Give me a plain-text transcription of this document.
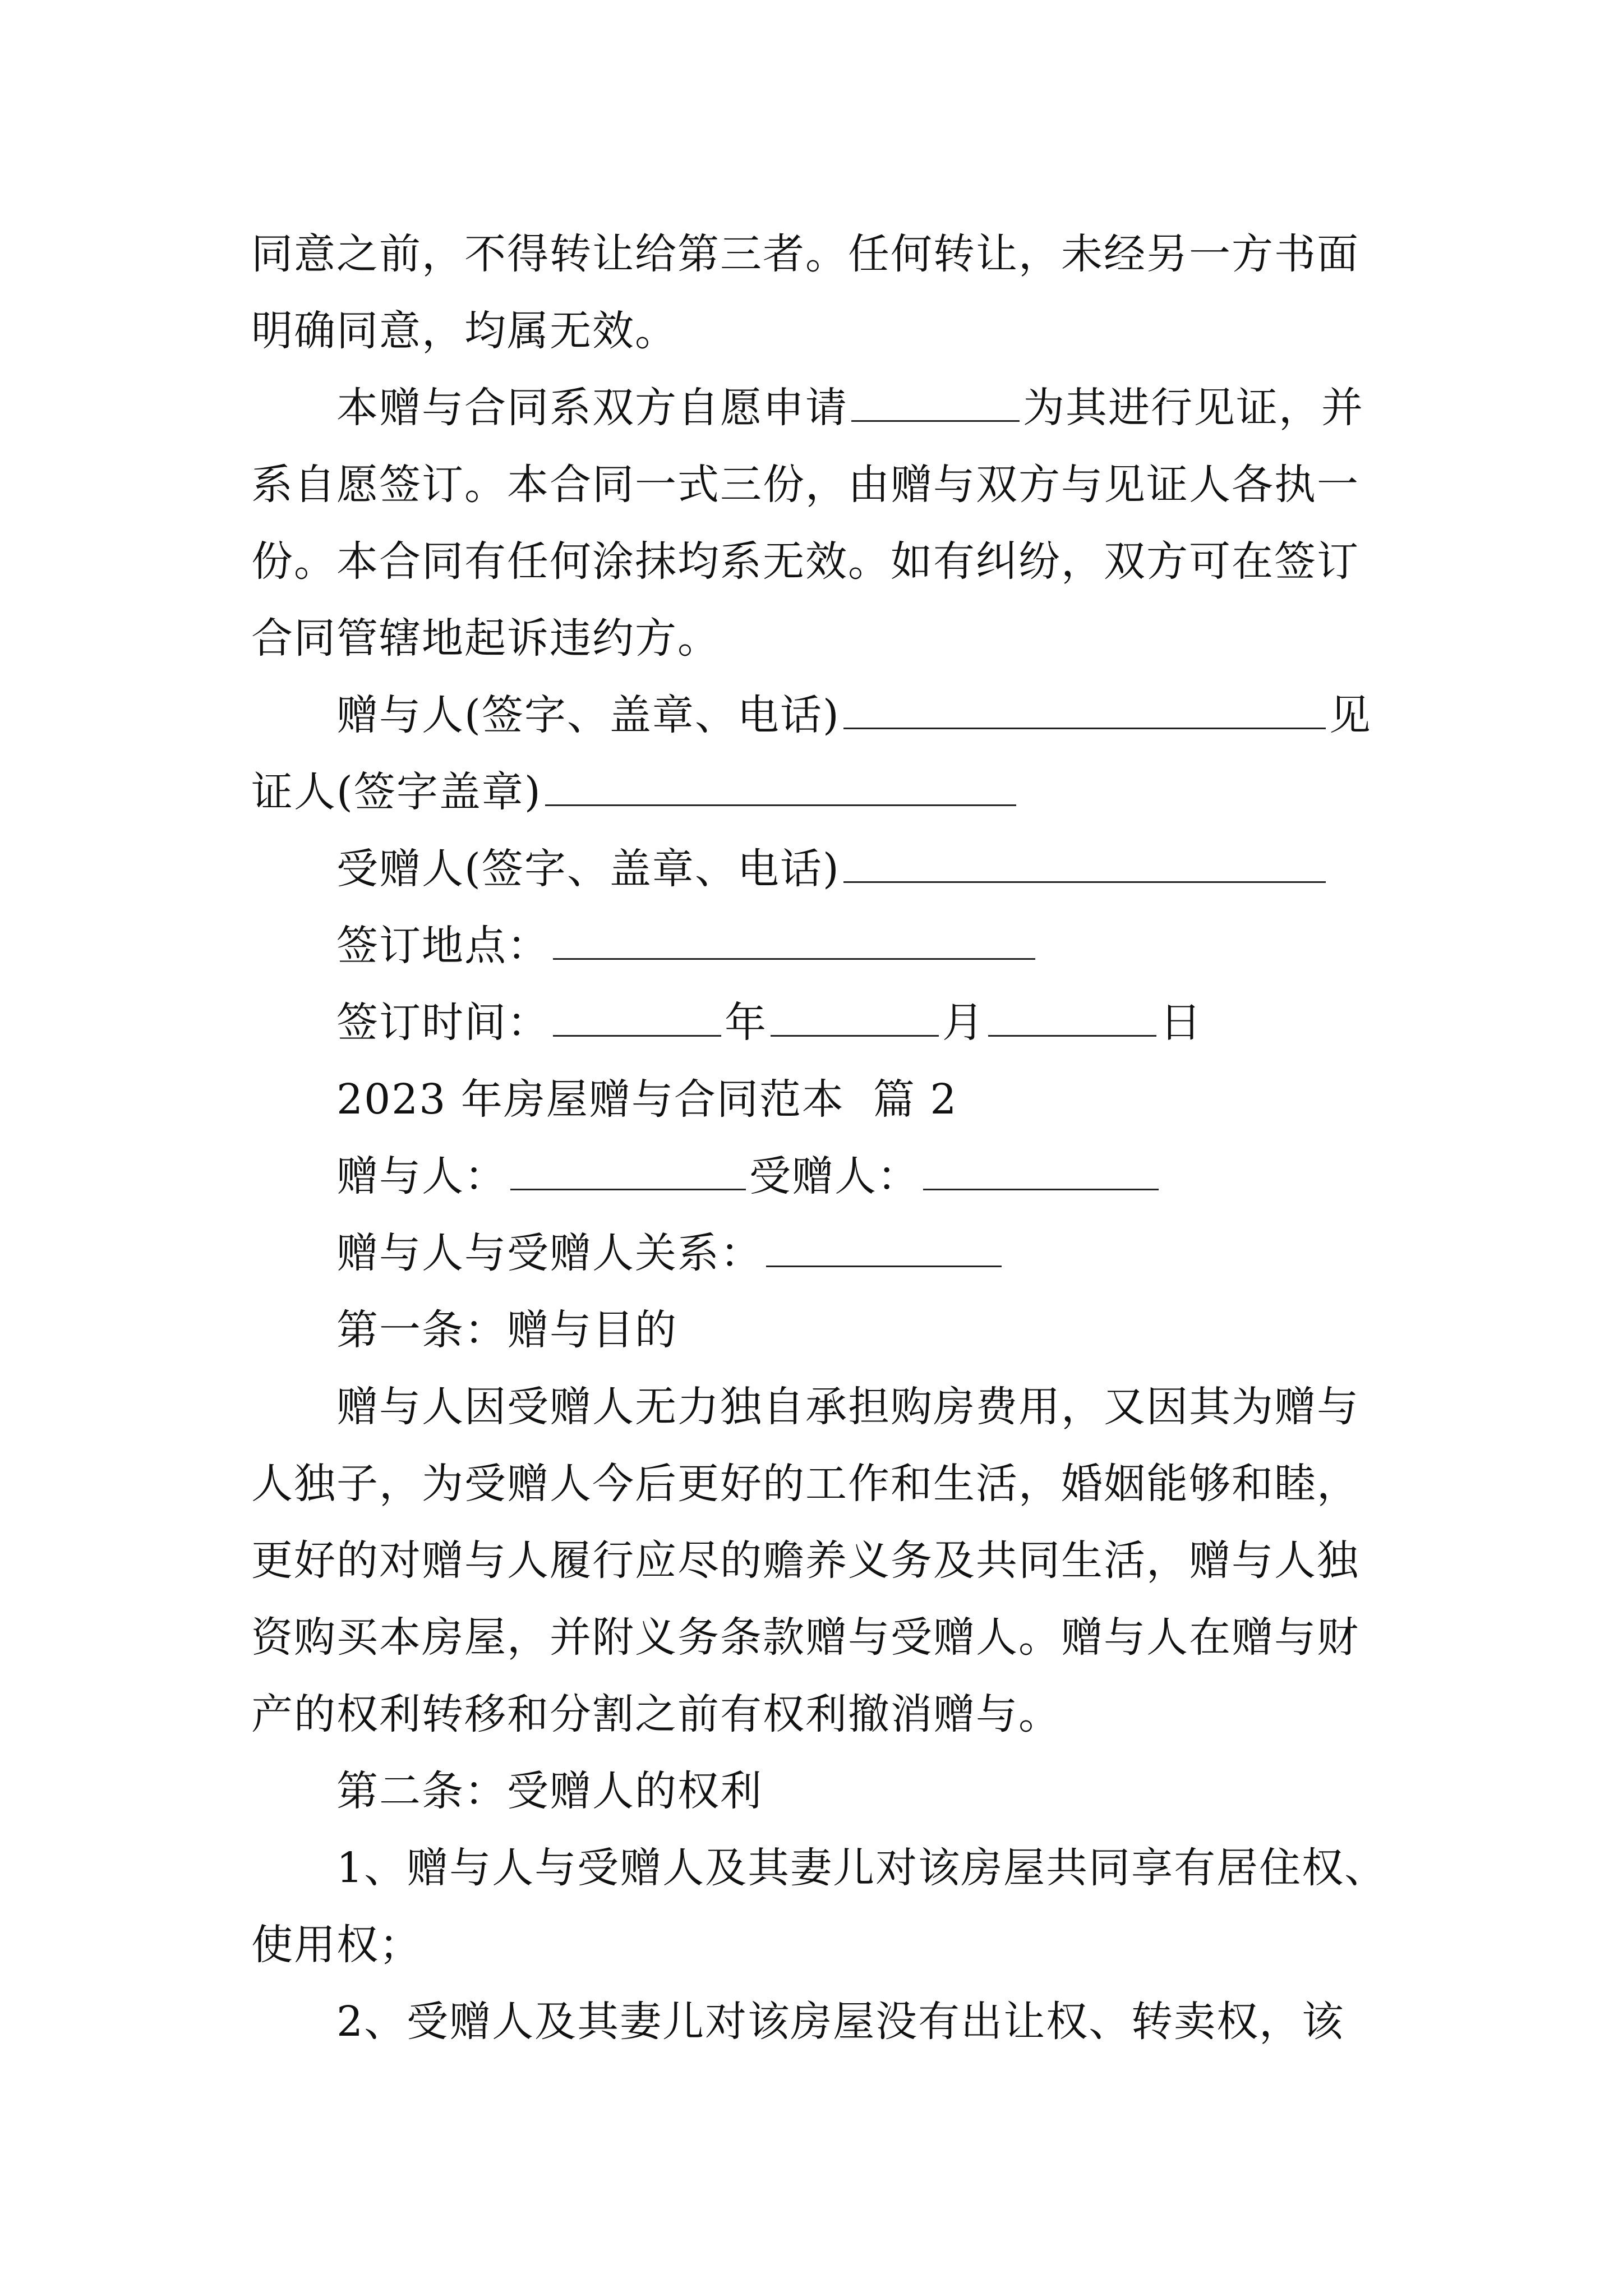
同意之前，不得转让给第三者。任何转让，未经另一方书面
明确同意，均属无效。
本赠与合同系双方自愿申请	为其进行见证，并
系自愿签订。本合同一式三份，由赠与双方与见证人各执一
份。本合同有任何涂抹均系无效。如有纠纷，双方可在签订
合同管辖地起诉违约方。
赠与人(签字、盖章、电话)	见
证人(签字盖章)
受赠人(签字、盖章、电话)
签订地点：
签订时间：	年	月	日
2023 年房屋赠与合同范本  篇 2
赠与人：	受赠人：
赠与人与受赠人关系：
第一条：赠与目的
赠与人因受赠人无力独自承担购房费用，又因其为赠与
人独子，为受赠人今后更好的工作和生活，婚姻能够和睦，
更好的对赠与人履行应尽的赡养义务及共同生活，赠与人独
资购买本房屋，并附义务条款赠与受赠人。赠与人在赠与财
产的权利转移和分割之前有权利撤消赠与。
第二条：受赠人的权利
1、赠与人与受赠人及其妻儿对该房屋共同享有居住权、
使用权；
2、受赠人及其妻儿对该房屋没有出让权、转卖权，该
